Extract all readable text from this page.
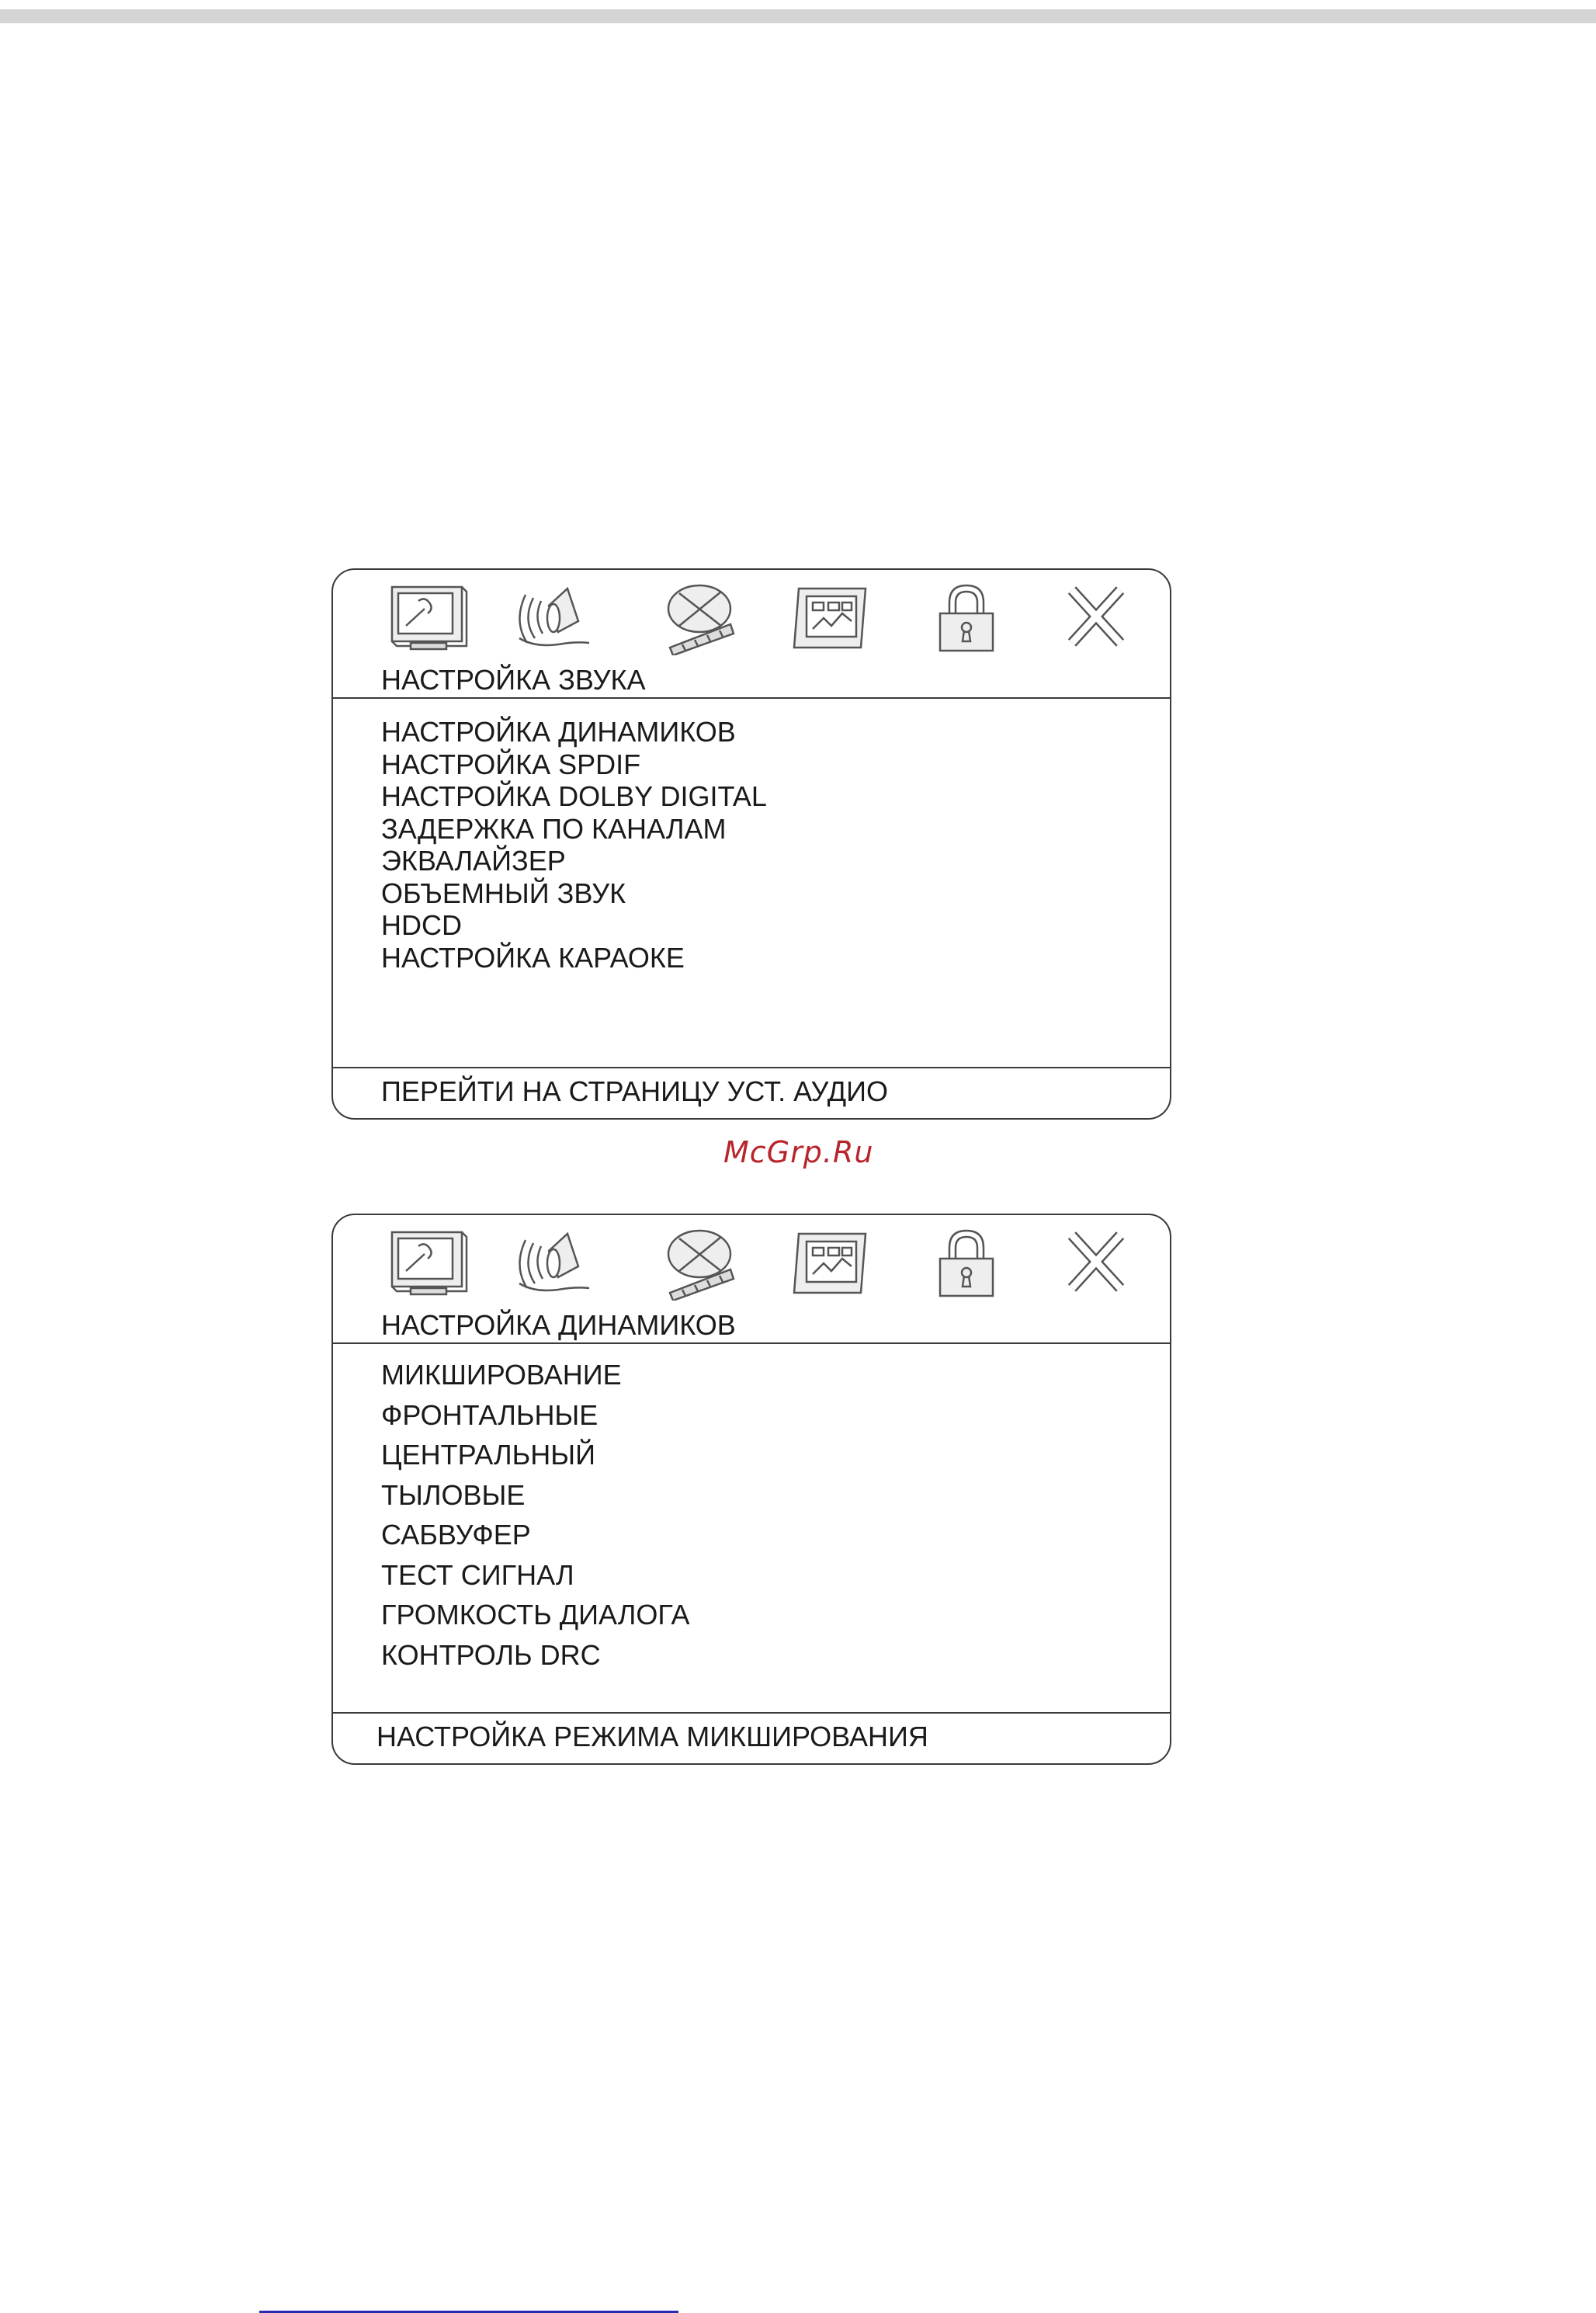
НАСТРОЙКА ЗВУКА
НАСТРОЙКА ДИНАМИКОВ
НАСТРОЙКА SPDIF
НАСТРОЙКА DOLBY DIGITAL
ЗАДЕРЖКА ПО КАНАЛАМ
ЭКВАЛАЙЗЕР
ОБЪЕМНЫЙ ЗВУК
HDCD
НАСТРОЙКА КАРАОКЕ
ПЕРЕЙТИ НА СТРАНИЦУ УСТ. АУДИО
McGrp.Ru
НАСТРОЙКА ДИНАМИКОВ
МИКШИРОВАНИЕ
ФРОНТАЛЬНЫЕ
ЦЕНТРАЛЬНЫЙ
ТЫЛОВЫЕ
САБВУФЕР
ТЕСТ СИГНАЛ
ГРОМКОСТЬ ДИАЛОГА
КОНТРОЛЬ DRC
НАСТРОЙКА РЕЖИМА МИКШИРОВАНИЯ
